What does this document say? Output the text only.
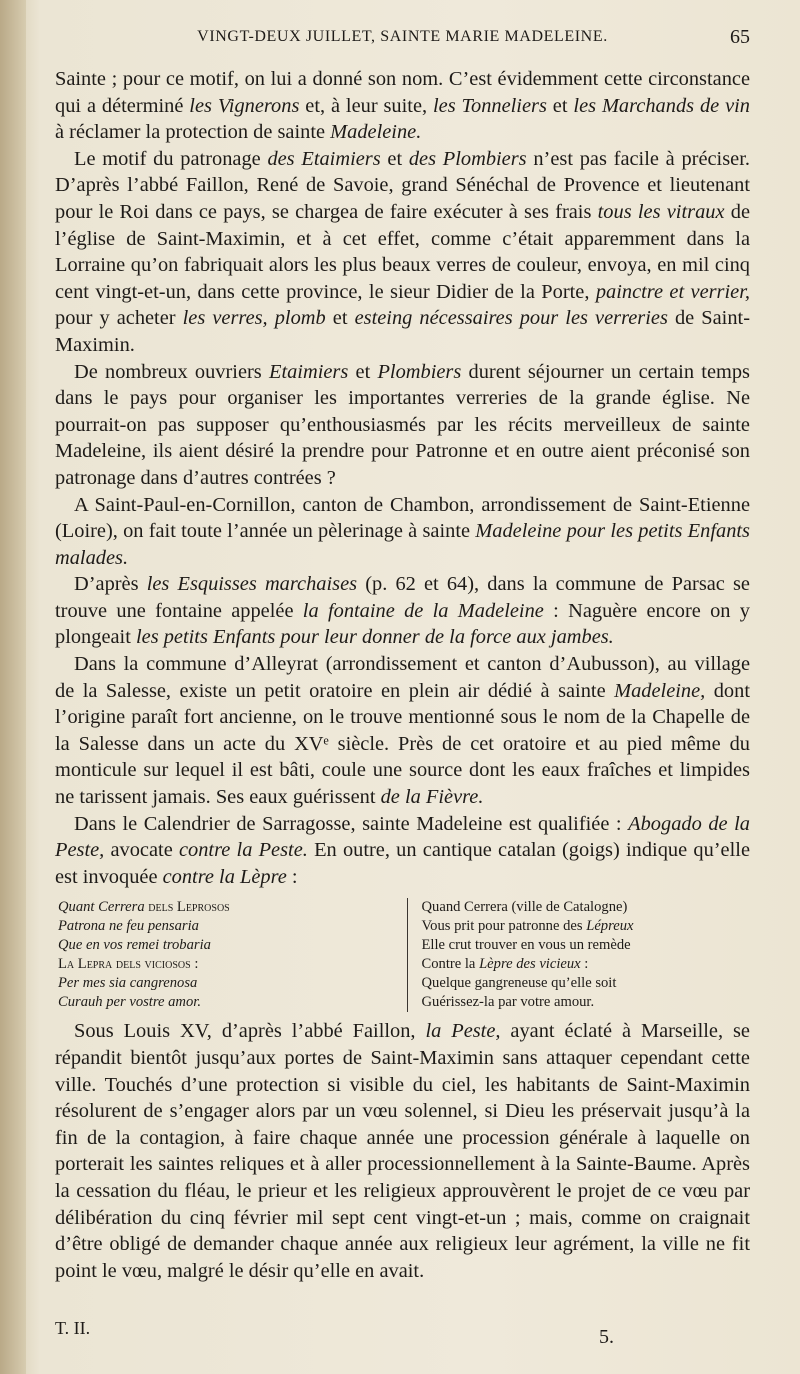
VINGT-DEUX JUILLET, SAINTE MARIE MADELEINE.	65

Sainte ; pour ce motif, on lui a donné son nom. C’est évidemment cette circonstance qui a déterminé les Vignerons et, à leur suite, les Tonneliers et les Marchands de vin à réclamer la protection de sainte Madeleine.

Le motif du patronage des Etaimiers et des Plombiers n’est pas facile à préciser. D’après l’abbé Faillon, René de Savoie, grand Sénéchal de Provence et lieutenant pour le Roi dans ce pays, se chargea de faire exécuter à ses frais tous les vitraux de l’église de Saint-Maximin, et à cet effet, comme c’était apparemment dans la Lorraine qu’on fabriquait alors les plus beaux verres de couleur, envoya, en mil cinq cent vingt-et-un, dans cette province, le sieur Didier de la Porte, painctre et verrier, pour y acheter les verres, plomb et esteing nécessaires pour les verreries de Saint-Maximin.

De nombreux ouvriers Etaimiers et Plombiers durent séjourner un certain temps dans le pays pour organiser les importantes verreries de la grande église. Ne pourrait-on pas supposer qu’enthousiasmés par les récits merveilleux de sainte Madeleine, ils aient désiré la prendre pour Patronne et en outre aient préconisé son patronage dans d’autres contrées ?

A Saint-Paul-en-Cornillon, canton de Chambon, arrondissement de Saint-Etienne (Loire), on fait toute l’année un pèlerinage à sainte Madeleine pour les petits Enfants malades.

D’après les Esquisses marchaises (p. 62 et 64), dans la commune de Parsac se trouve une fontaine appelée la fontaine de la Madeleine : Naguère encore on y plongeait les petits Enfants pour leur donner de la force aux jambes.

Dans la commune d’Alleyrat (arrondissement et canton d’Aubusson), au village de la Salesse, existe un petit oratoire en plein air dédié à sainte Madeleine, dont l’origine paraît fort ancienne, on le trouve mentionné sous le nom de la Chapelle de la Salesse dans un acte du XVᵉ siècle. Près de cet oratoire et au pied même du monticule sur lequel il est bâti, coule une source dont les eaux fraîches et limpides ne tarissent jamais. Ses eaux guérissent de la Fièvre.

Dans le Calendrier de Sarragosse, sainte Madeleine est qualifiée : Abogado de la Peste, avocate contre la Peste. En outre, un cantique catalan (goigs) indique qu’elle est invoquée contre la Lèpre :

Quant Cerrera dels Leprosos
Patrona ne feu pensaria
Que en vos remei trobaria
La Lepra dels viciosos :
Per mes sia cangrenosa
Curauh per vostre amor.
Quand Cerrera (ville de Catalogne)
Vous prit pour patronne des Lépreux
Elle crut trouver en vous un remède
Contre la Lèpre des vicieux :
Quelque gangreneuse qu’elle soit
Guérissez-la par votre amour.

Sous Louis XV, d’après l’abbé Faillon, la Peste, ayant éclaté à Marseille, se répandit bientôt jusqu’aux portes de Saint-Maximin sans attaquer cependant cette ville. Touchés d’une protection si visible du ciel, les habitants de Saint-Maximin résolurent de s’engager alors par un vœu solennel, si Dieu les préservait jusqu’à la fin de la contagion, à faire chaque année une procession générale à laquelle on porterait les saintes reliques et à aller processionnellement à la Sainte-Baume. Après la cessation du fléau, le prieur et les religieux approuvèrent le projet de ce vœu par délibération du cinq février mil sept cent vingt-et-un ; mais, comme on craignait d’être obligé de demander chaque année aux religieux leur agrément, la ville ne fit point le vœu, malgré le désir qu’elle en avait.

T. II.	5.
